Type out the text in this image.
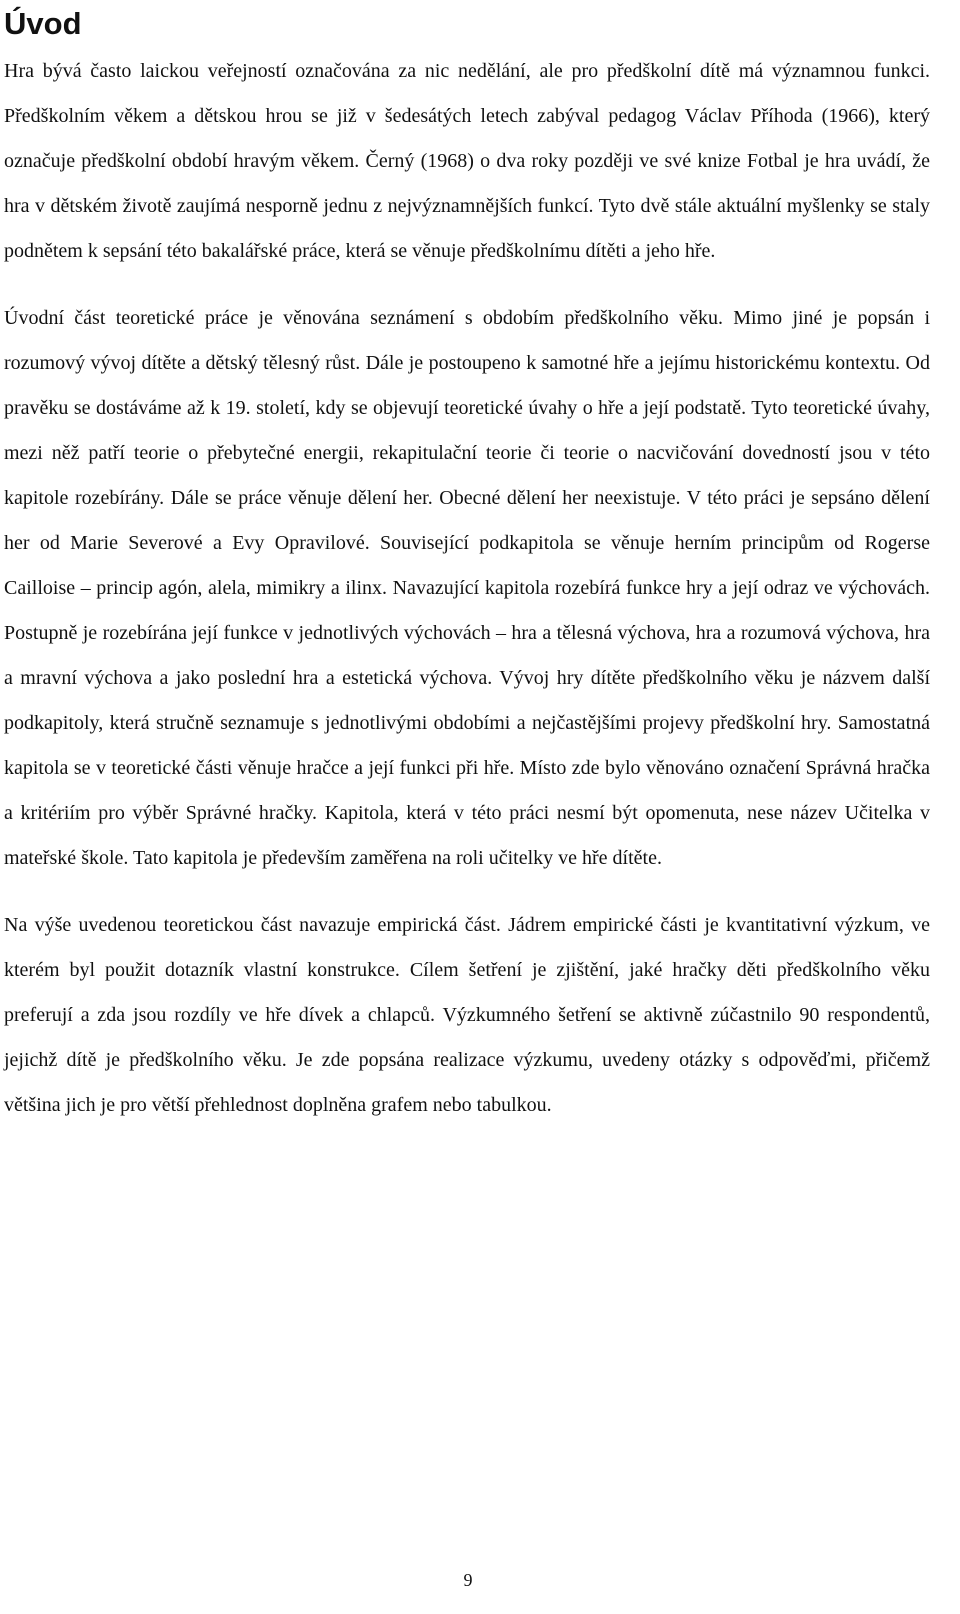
Úvod

Hra bývá často laickou veřejností označována za nic nedělání, ale pro předškolní dítě má významnou funkci. Předškolním věkem a dětskou hrou se již v šedesátých letech zabýval pedagog Václav Příhoda (1966), který označuje předškolní období hravým věkem. Černý (1968) o dva roky později ve své knize Fotbal je hra uvádí, že hra v dětském životě zaujímá nesporně jednu z nejvýznamnějších funkcí. Tyto dvě stále aktuální myšlenky se staly podnětem k sepsání této bakalářské práce, která se věnuje předškolnímu dítěti a jeho hře.

Úvodní část teoretické práce je věnována seznámení s obdobím předškolního věku. Mimo jiné je popsán i rozumový vývoj dítěte a dětský tělesný růst. Dále je postoupeno k samotné hře a jejímu historickému kontextu. Od pravěku se dostáváme až k 19. století, kdy se objevují teoretické úvahy o hře a její podstatě. Tyto teoretické úvahy, mezi něž patří teorie o přebytečné energii, rekapitulační teorie či teorie o nacvičování dovedností jsou v této kapitole rozebírány. Dále se práce věnuje dělení her. Obecné dělení her neexistuje. V této práci je sepsáno dělení her od Marie Severové a Evy Opravilové. Související podkapitola se věnuje herním principům od Rogerse Cailloise – princip agón, alela, mimikry a ilinx. Navazující kapitola rozebírá funkce hry a její odraz ve výchovách. Postupně je rozebírána její funkce v jednotlivých výchovách – hra a tělesná výchova, hra a rozumová výchova, hra a mravní výchova a jako poslední hra a estetická výchova. Vývoj hry dítěte předškolního věku je názvem další podkapitoly, která stručně seznamuje s jednotlivými obdobími a nejčastějšími projevy předškolní hry. Samostatná kapitola se v teoretické části věnuje hračce a její funkci při hře. Místo zde bylo věnováno označení Správná hračka a kritériím pro výběr Správné hračky. Kapitola, která v této práci nesmí být opomenuta, nese název Učitelka v mateřské škole. Tato kapitola je především zaměřena na roli učitelky ve hře dítěte.

Na výše uvedenou teoretickou část navazuje empirická část. Jádrem empirické části je kvantitativní výzkum, ve kterém byl použit dotazník vlastní konstrukce. Cílem šetření je zjištění, jaké hračky děti předškolního věku preferují a zda jsou rozdíly ve hře dívek a chlapců. Výzkumného šetření se aktivně zúčastnilo 90 respondentů, jejichž dítě je předškolního věku. Je zde popsána realizace výzkumu, uvedeny otázky s odpověďmi, přičemž většina jich je pro větší přehlednost doplněna grafem nebo tabulkou.

9
